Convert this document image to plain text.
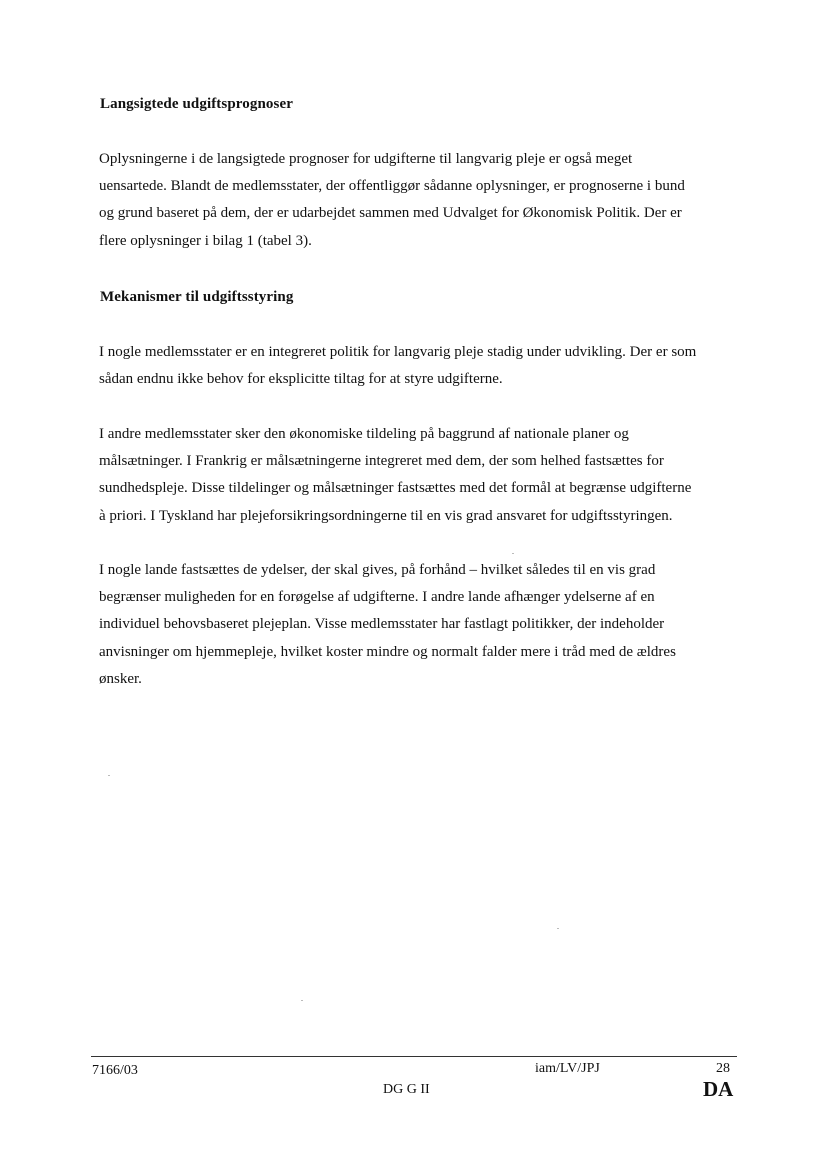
Langsigtede udgiftsprognoser

Oplysningerne i de langsigtede prognoser for udgifterne til langvarig pleje er også meget
uensartede. Blandt de medlemsstater, der offentliggør sådanne oplysninger, er prognoserne i bund
og grund baseret på dem, der er udarbejdet sammen med Udvalget for Økonomisk Politik. Der er
flere oplysninger i bilag 1 (tabel 3).

Mekanismer til udgiftsstyring

I nogle medlemsstater er en integreret politik for langvarig pleje stadig under udvikling. Der er som
sådan endnu ikke behov for eksplicitte tiltag for at styre udgifterne.

I andre medlemsstater sker den økonomiske tildeling på baggrund af nationale planer og
målsætninger. I Frankrig er målsætningerne integreret med dem, der som helhed fastsættes for
sundhedspleje. Disse tildelinger og målsætninger fastsættes med det formål at begrænse udgifterne
à priori. I Tyskland har plejeforsikringsordningerne til en vis grad ansvaret for udgiftsstyringen.

I nogle lande fastsættes de ydelser, der skal gives, på forhånd – hvilket således til en vis grad
begrænser muligheden for en forøgelse af udgifterne. I andre lande afhænger ydelserne af en
individuel behovsbaseret plejeplan. Visse medlemsstater har fastlagt politikker, der indeholder
anvisninger om hjemmepleje, hvilket koster mindre og normalt falder mere i tråd med de ældres
ønsker.

7166/03	iam/LV/JPJ	28

DG G II	DA
